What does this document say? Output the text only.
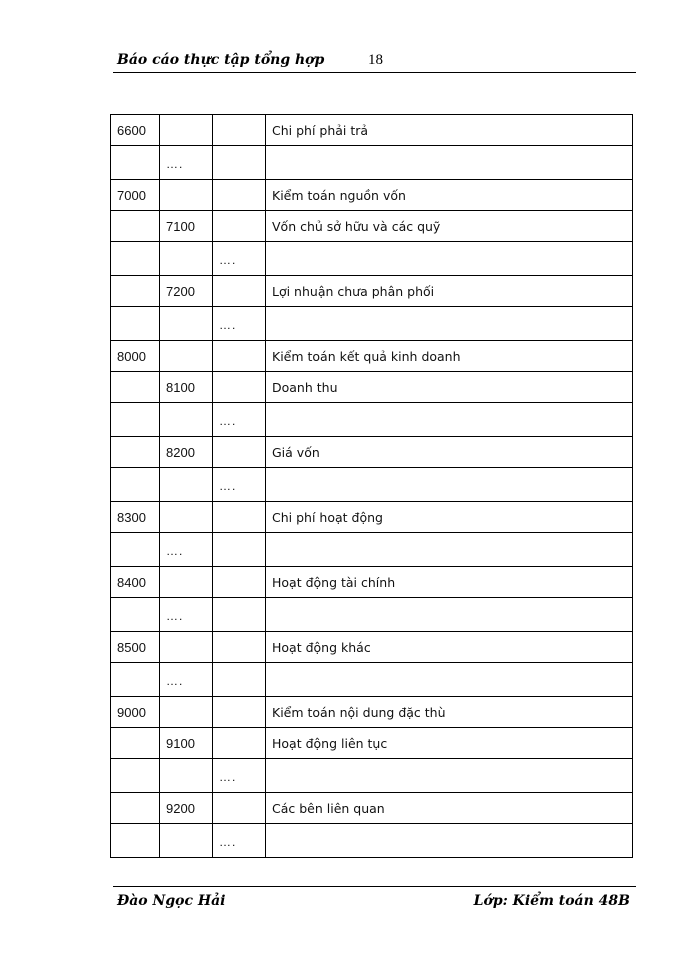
Báo cáo thực tập tổng hợp	18
6600			Chi phí phải trả
	….		
7000			Kiểm toán nguồn vốn
	7100		Vốn chủ sở hữu và các quỹ
		….	
	7200		Lợi nhuận chưa phân phối
		….	
8000			Kiểm toán kết quả kinh doanh
	8100		Doanh thu
		….	
	8200		Giá vốn
		….	
8300			Chi phí hoạt động
	….		
8400			Hoạt động tài chính
	….		
8500			Hoạt động khác
	….		
9000			Kiểm toán nội dung đặc thù
	9100		Hoạt động liên tục
		….	
	9200		Các bên liên quan
		….	
Đào Ngọc Hải	Lớp: Kiểm toán 48B
